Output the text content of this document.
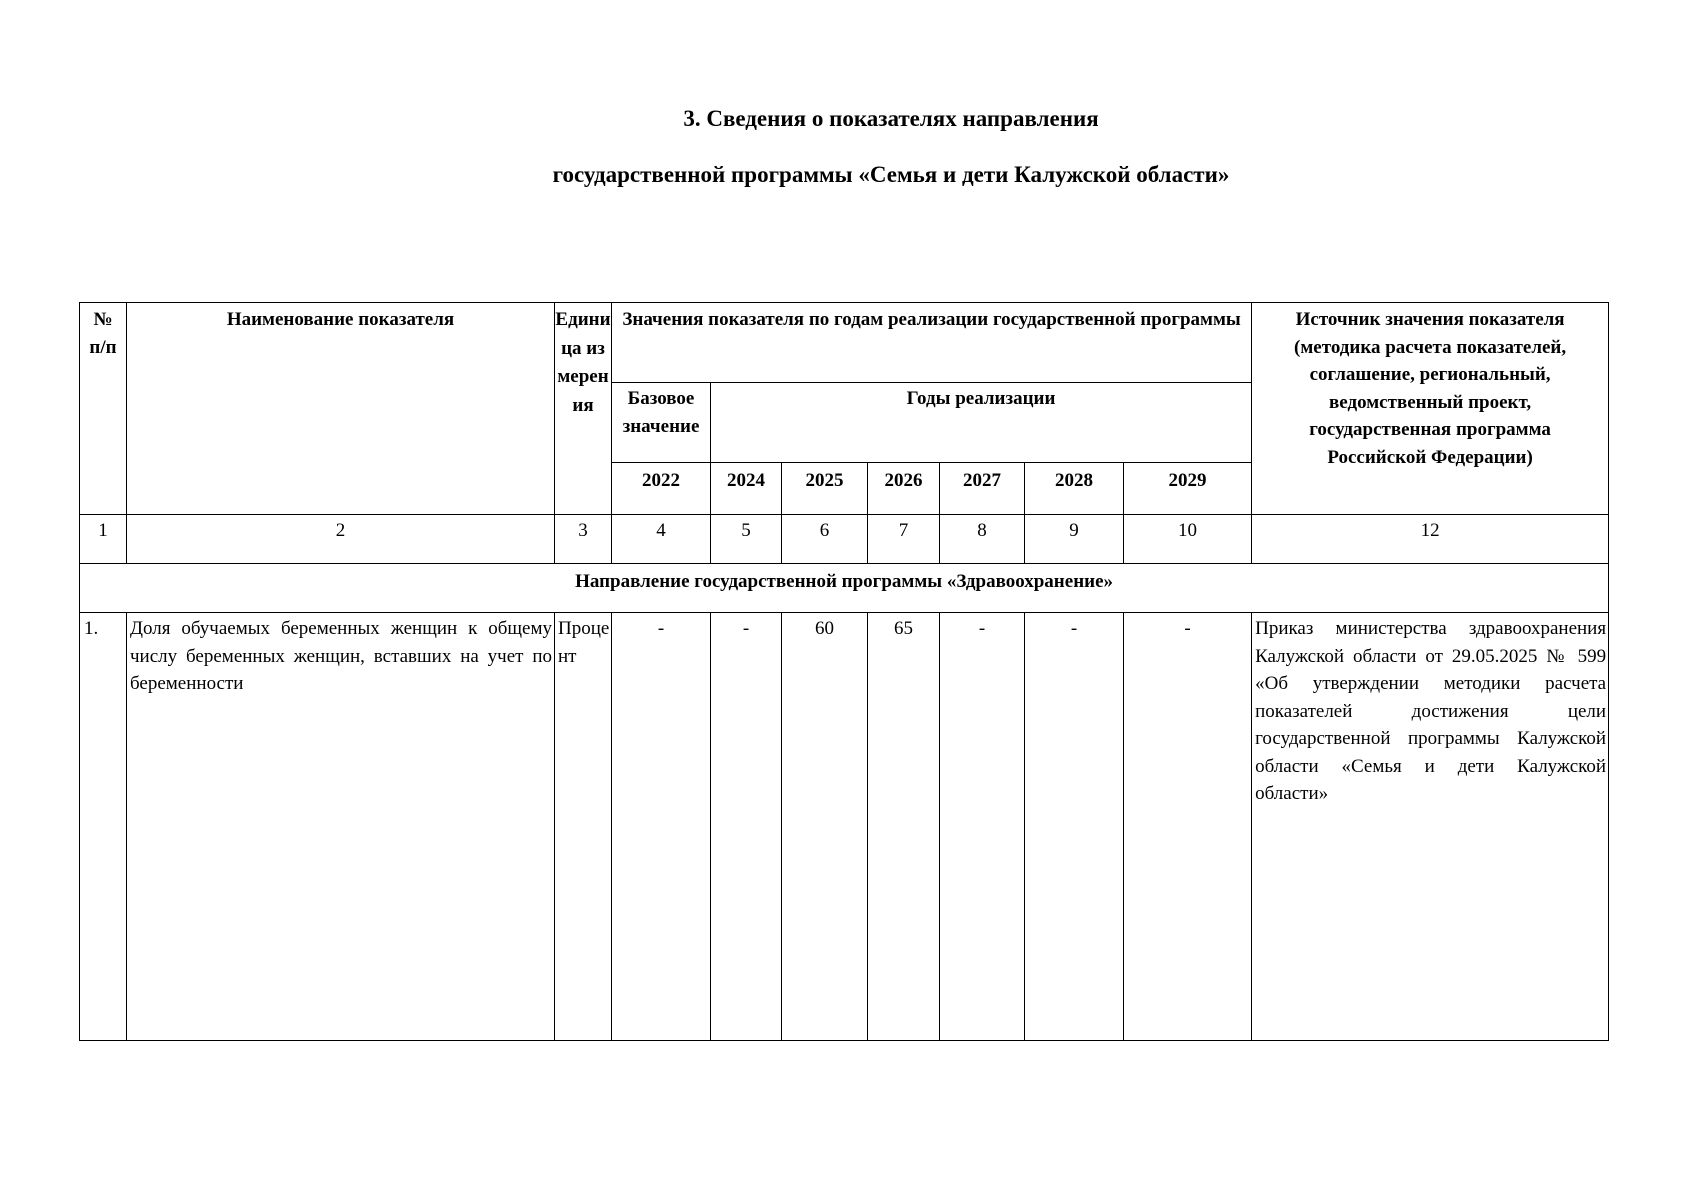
3. Сведения о показателях направления
государственной программы «Семья и дети Калужской области»
№ п/п	Наименование показателя	Единица измерения	Значения показателя по годам реализации государственной программы							Источник значения показателя (методика расчета показателей, соглашение, региональный, ведомственный проект, государственная программа Российской Федерации)

			Базовое значение	Годы реализации						
			2022	2024	2025	2026	2027	2028	2029	
1	2	3	4	5	6	7	8	9	10	12
Направление государственной программы «Здравоохранение»										
1.	Доля обучаемых беременных женщин к общему числу беременных женщин, вставших на учет по беременности	Процент	-	-	60	65	-	-	-	Приказ министерства здравоохранения Калужской области от 29.05.2025 № 599 «Об утверждении методики расчета показателей достижения цели государственной программы Калужской области «Семья и дети Калужской области»
